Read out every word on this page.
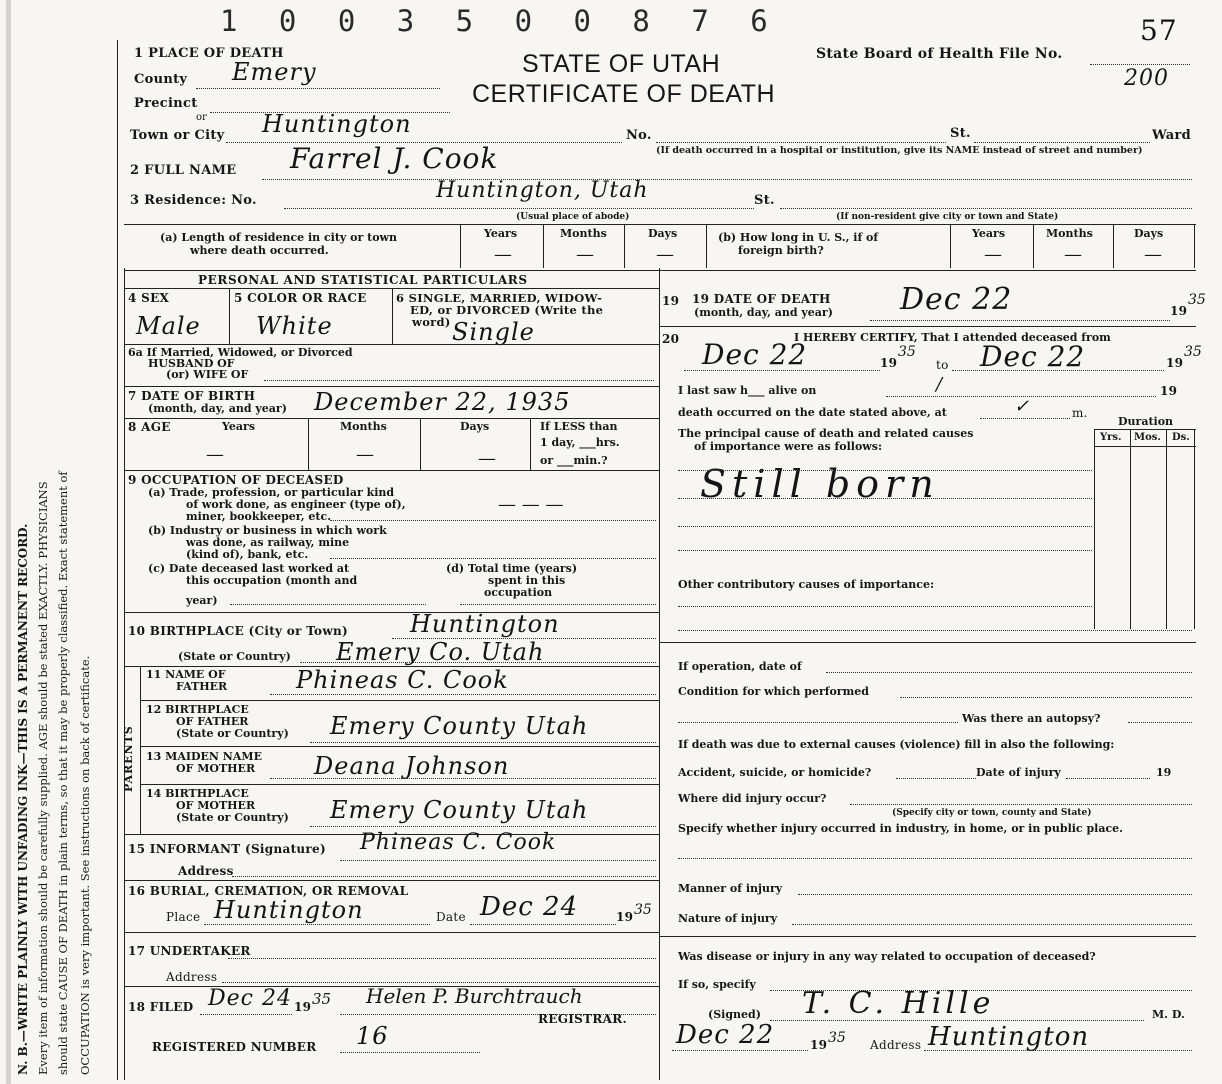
N. B.—WRITE PLAINLY WITH UNFADING INK—THIS IS A PERMANENT RECORD. Every item of information should be carefully supplied. AGE should be stated EXACTLY. PHYSICIANS should state CAUSE OF DEATH in plain terms, so that it may be properly classified. Exact statement of OCCUPATION is very important. See instructions on back of certificate.
1 0 0 3 5 0 0 8 7 6
STATE OF UTAH
CERTIFICATE OF DEATH
State Board of Health File No.
57
200
1 PLACE OF DEATH
County Emery
Precinct
or
Town or City Huntington	No.	St.	Ward
(If death occurred in a hospital or institution, give its NAME instead of street and number)
2 FULL NAME Farrel J. Cook
3 Residence: No.	Huntington, Utah	St.
(Usual place of abode)	(If non-resident give city or town and State)
(a) Length of residence in city or town
where death occurred.
Years	Months	Days
—	—	—
(b) How long in U. S., if of
foreign birth?
Years	Months	Days
—	—	—
PERSONAL AND STATISTICAL PARTICULARS
4 SEX
Male
5 COLOR OR RACE
White
6 SINGLE, MARRIED, WIDOW-
ED, or DIVORCED (Write the
word) Single
6a If Married, Widowed, or Divorced
HUSBAND OF
(or) WIFE OF
7 DATE OF BIRTH
(month, day, and year) December 22, 1935
8 AGE	Years	Months	Days	If LESS than
1 day, ___hrs.
or ___min.?
—	—	—
9 OCCUPATION OF DECEASED
(a) Trade, profession, or particular kind
of work done, as engineer (type of),
miner, bookkeeper, etc.
— — —
(b) Industry or business in which work
was done, as railway, mine
(kind of), bank, etc.
(c) Date deceased last worked at
this occupation (month and
year)
(d) Total time (years)
spent in this
occupation
10 BIRTHPLACE (City or Town)	Huntington
(State or Country) Emery Co. Utah
PARENTS
11 NAME OF
FATHER	Phineas C. Cook
12 BIRTHPLACE
OF FATHER
(State or Country) Emery County Utah
13 MAIDEN NAME
OF MOTHER Deana Johnson
14 BIRTHPLACE
OF MOTHER
(State or Country) Emery County Utah
15 INFORMANT (Signature) Phineas C. Cook
Address
16 BURIAL, CREMATION, OR REMOVAL
Place Huntington	Date Dec 24	19 35
17 UNDERTAKER
Address
18 FILED Dec 24 19 35 Helen P. Burchtrauch
REGISTRAR.
REGISTERED NUMBER 16
19 19 DATE OF DEATH
(month, day, and year) Dec 22	19
35
20	I HEREBY CERTIFY, That I attended deceased from
Dec 22	19
35
to Dec 22	19
35
I last saw h___ alive on	/	19
death occurred on the date stated above, at	✓	m.
Duration
The principal cause of death and related causes
of importance were as follows:
Yrs. Mos. Ds.
Still born
Other contributory causes of importance:
If operation, date of
Condition for which performed
Was there an autopsy?
If death was due to external causes (violence) fill in also the following:
Accident, suicide, or homicide?	Date of injury	19
Where did injury occur?
(Specify city or town, county and State)
Specify whether injury occurred in industry, in home, or in public place.
Manner of injury
Nature of injury
Was disease or injury in any way related to occupation of deceased?
If so, specify
(Signed) T. C. Hille	M. D.
Dec 22	19 35 Address Huntington
